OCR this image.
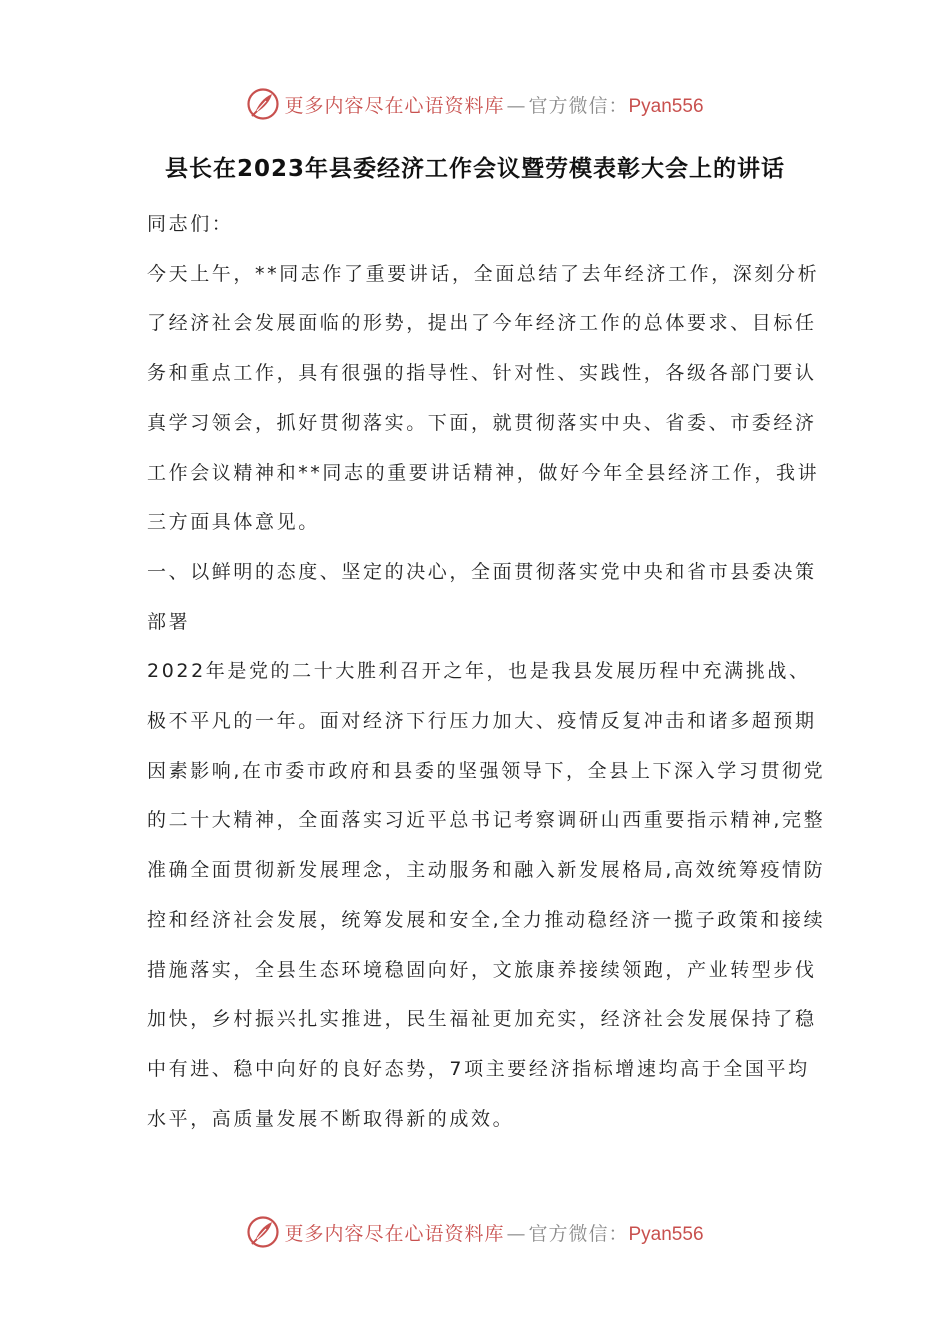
更多内容尽在心语资料库 — 官方微信： Pyan556
县长在2023年县委经济工作会议暨劳模表彰大会上的讲话

同志们：

今天上午，**同志作了重要讲话，全面总结了去年经济工作，深刻分析了经济社会发展面临的形势，提出了今年经济工作的总体要求、目标任务和重点工作，具有很强的指导性、针对性、实践性，各级各部门要认真学习领会，抓好贯彻落实。下面，就贯彻落实中央、省委、市委经济工作会议精神和**同志的重要讲话精神，做好今年全县经济工作，我讲三方面具体意见。

一、以鲜明的态度、坚定的决心，全面贯彻落实党中央和省市县委决策部署

2022年是党的二十大胜利召开之年，也是我县发展历程中充满挑战、极不平凡的一年。面对经济下行压力加大、疫情反复冲击和诸多超预期因素影响,在市委市政府和县委的坚强领导下，全县上下深入学习贯彻党的二十大精神，全面落实习近平总书记考察调研山西重要指示精神,完整准确全面贯彻新发展理念，主动服务和融入新发展格局,高效统筹疫情防控和经济社会发展，统筹发展和安全,全力推动稳经济一揽子政策和接续措施落实，全县生态环境稳固向好，文旅康养接续领跑，产业转型步伐加快，乡村振兴扎实推进，民生福祉更加充实，经济社会发展保持了稳中有进、稳中向好的良好态势，7项主要经济指标增速均高于全国平均水平，高质量发展不断取得新的成效。

更多内容尽在心语资料库 — 官方微信： Pyan556
